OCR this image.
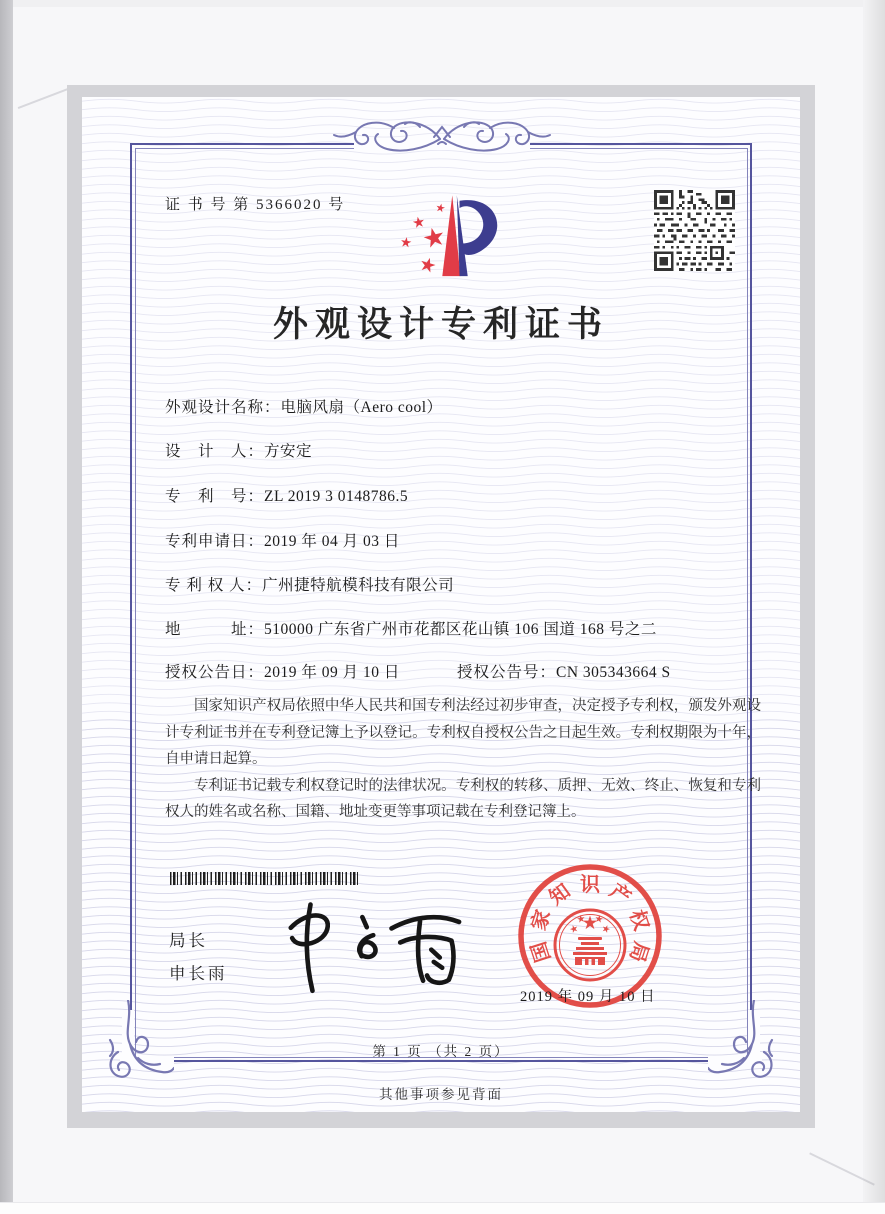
证 书 号 第 5366020 号
外观设计专利证书
外观设计名称：电脑风扇（Aero cool）
设　计　人：方安定
专　利　号：ZL 2019 3 0148786.5
专利申请日：2019 年 04 月 03 日
专 利 权 人：广州捷特航模科技有限公司
地　　　址：510000 广东省广州市花都区花山镇 106 国道 168 号之二
授权公告日：2019 年 09 月 10 日	授权公告号：CN 305343664 S

国家知识产权局依照中华人民共和国专利法经过初步审查，决定授予专利权，颁发外观设计专利证书并在专利登记簿上予以登记。专利权自授权公告之日起生效。专利权期限为十年，自申请日起算。

专利证书记载专利权登记时的法律状况。专利权的转移、质押、无效、终止、恢复和专利权人的姓名或名称、国籍、地址变更等事项记载在专利登记簿上。

局长
申长雨
国
家
知 识 产
权
局
2019 年 09 月 10 日
第 1 页 （共 2 页）
其他事项参见背面
